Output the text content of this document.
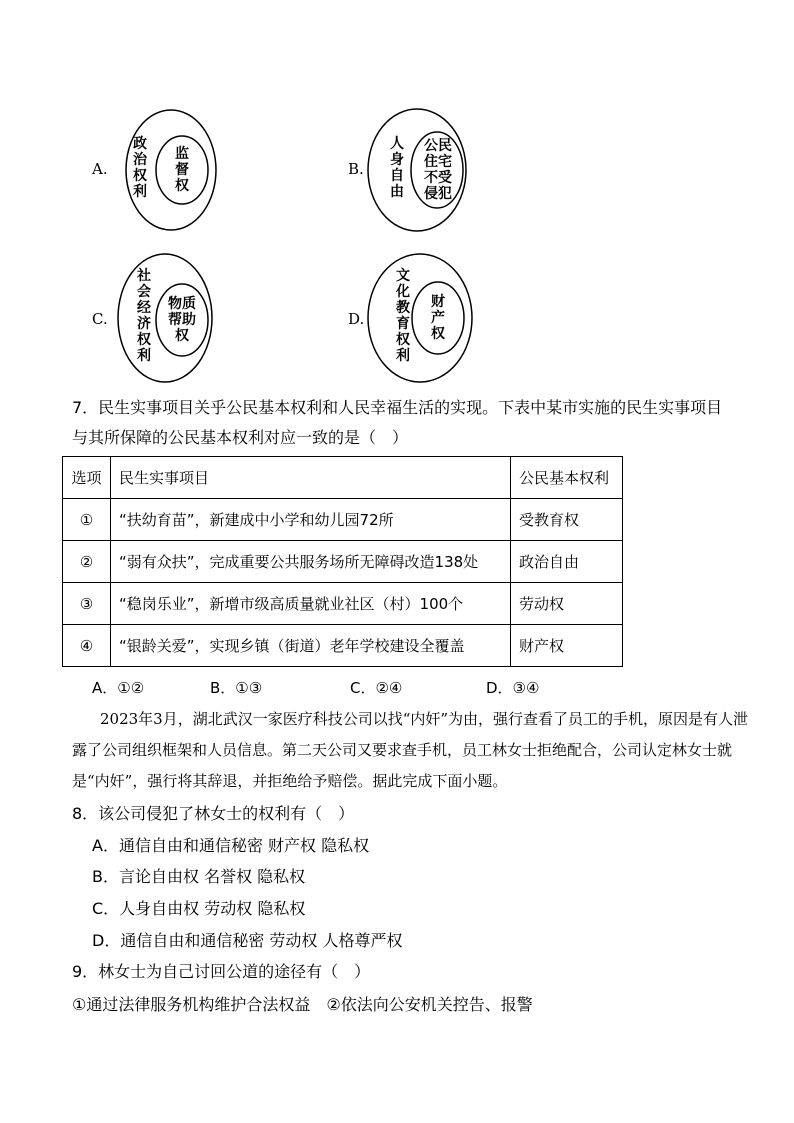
A.
政治权利
监督权
B.
人身自由
公民住宅不受侵犯
C.
社会经济权利
物质帮助权
D.
文化教育权利
财产权
7．民生实事项目关乎公民基本权利和人民幸福生活的实现。下表中某市实施的民生实事项目
与其所保障的公民基本权利对应一致的是（　）
选项	民生实事项目	公民基本权利
①	“扶幼育苗”，新建成中小学和幼儿园72所	受教育权
②	“弱有众扶”，完成重要公共服务场所无障碍改造138处	政治自由
③	“稳岗乐业”，新增市级高质量就业社区（村）100个	劳动权
④	“银龄关爱”，实现乡镇（街道）老年学校建设全覆盖	财产权
A．①②	B．①③	C．②④	D．③④
2023年3月，湖北武汉一家医疗科技公司以找“内奸”为由，强行查看了员工的手机，原因是有人泄露了公司组织框架和人员信息。第二天公司又要求查手机，员工林女士拒绝配合，公司认定林女士就是“内奸”，强行将其辞退，并拒绝给予赔偿。据此完成下面小题。
8．该公司侵犯了林女士的权利有（　）
A．通信自由和通信秘密 财产权 隐私权
B．言论自由权 名誉权 隐私权
C．人身自由权 劳动权 隐私权
D．通信自由和通信秘密 劳动权 人格尊严权
9．林女士为自己讨回公道的途径有（　）
①通过法律服务机构维护合法权益　②依法向公安机关控告、报警
